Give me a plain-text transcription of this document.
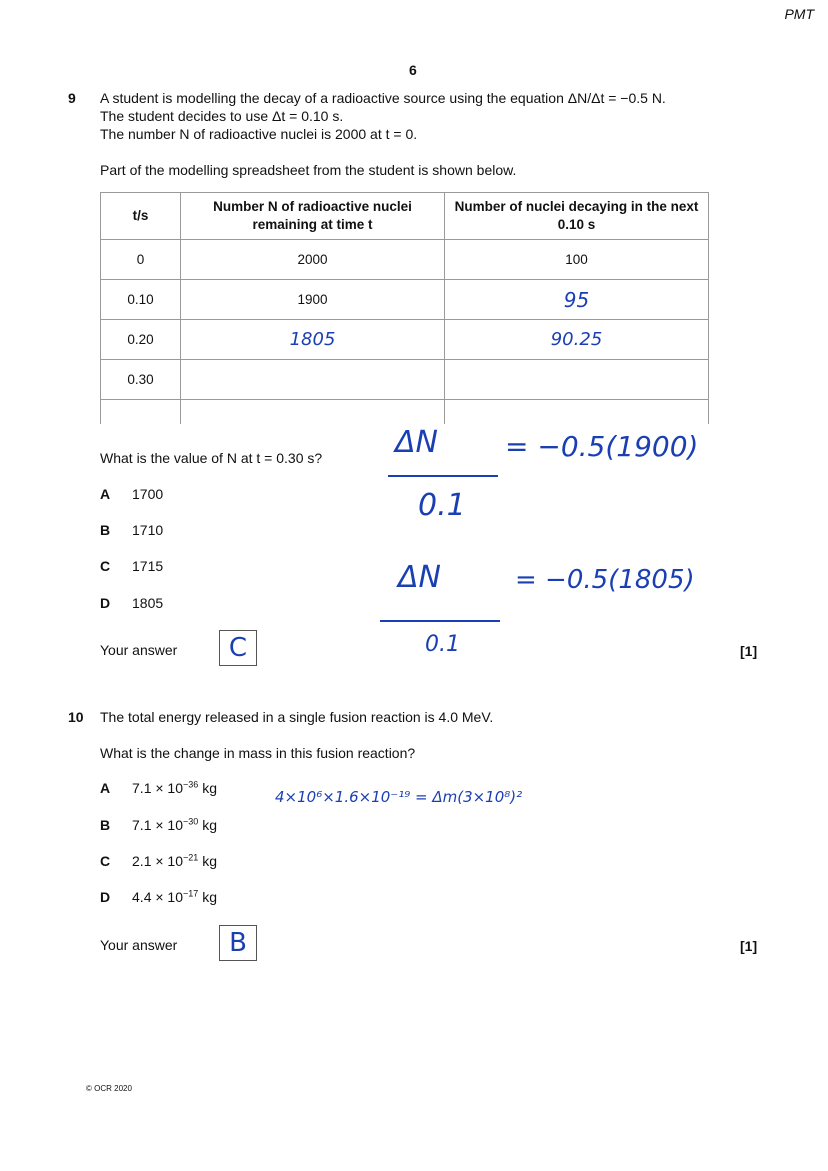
PMT
6
9 A student is modelling the decay of a radioactive source using the equation ΔN/Δt = −0.5 N.
The student decides to use Δt = 0.10 s.
The number N of radioactive nuclei is 2000 at t = 0.
Part of the modelling spreadsheet from the student is shown below.
t/s	Number N of radioactive nuclei remaining at time t	Number of nuclei decaying in the next 0.10 s
0	2000	100
0.10	1900	95
0.20	1805	90.25
0.30		

What is the value of N at t = 0.30 s?
A 1700
B 1710
C 1715
D 1805
Your answer	C	[1]
ΔN
0.1
= −0.5(1900)
ΔN
0.1
= −0.5(1805)
10 The total energy released in a single fusion reaction is 4.0 MeV.
What is the change in mass in this fusion reaction?
A $7.1 \times 10^{-36}$ kg
B $7.1 \times 10^{-30}$ kg
C $2.1 \times 10^{-21}$ kg
D $4.4 \times 10^{-17}$ kg
4×10⁶×1.6×10⁻¹⁹ = Δm(3×10⁸)²
Your answer	B	[1]
© OCR 2020
